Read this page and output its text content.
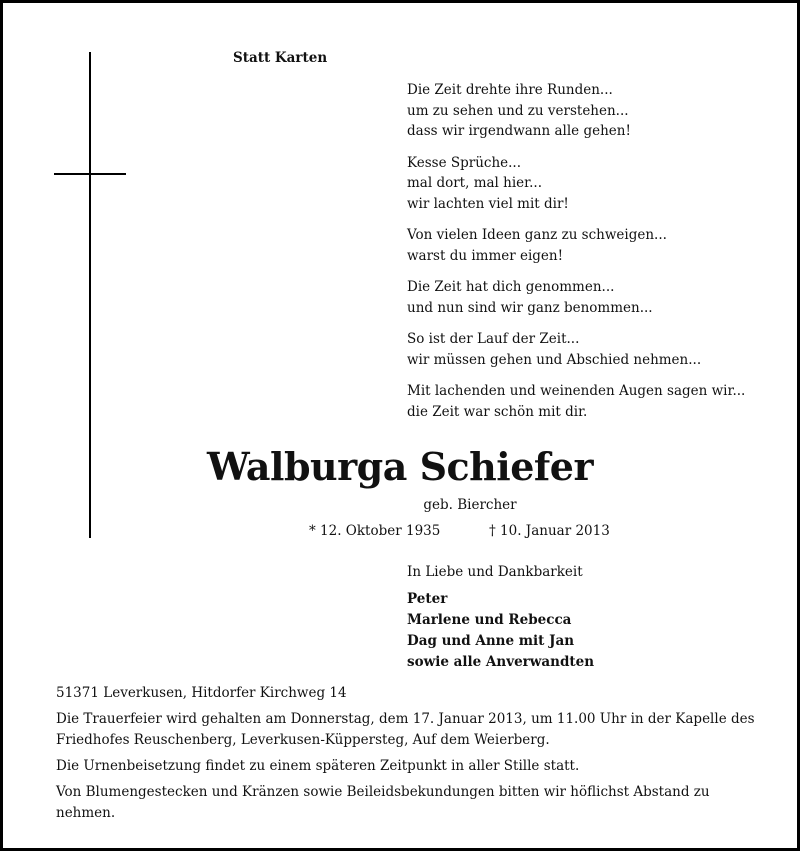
Statt Karten
Die Zeit drehte ihre Runden...
um zu sehen und zu verstehen...
dass wir irgendwann alle gehen!
Kesse Sprüche...
mal dort, mal hier...
wir lachten viel mit dir!
Von vielen Ideen ganz zu schweigen...
warst du immer eigen!
Die Zeit hat dich genommen...
und nun sind wir ganz benommen...
So ist der Lauf der Zeit...
wir müssen gehen und Abschied nehmen...
Mit lachenden und weinenden Augen sagen wir...
die Zeit war schön mit dir.
Walburga Schiefer
geb. Biercher
* 12. Oktober 1935	† 10. Januar 2013
In Liebe und Dankbarkeit
Peter
Marlene und Rebecca
Dag und Anne mit Jan
sowie alle Anverwandten
51371 Leverkusen, Hitdorfer Kirchweg 14
Die Trauerfeier wird gehalten am Donnerstag, dem 17. Januar 2013, um 11.00 Uhr in der Kapelle des
Friedhofes Reuschenberg, Leverkusen-Küppersteg, Auf dem Weierberg.
Die Urnenbeisetzung findet zu einem späteren Zeitpunkt in aller Stille statt.
Von Blumengestecken und Kränzen sowie Beileidsbekundungen bitten wir höflichst Abstand zu nehmen.
